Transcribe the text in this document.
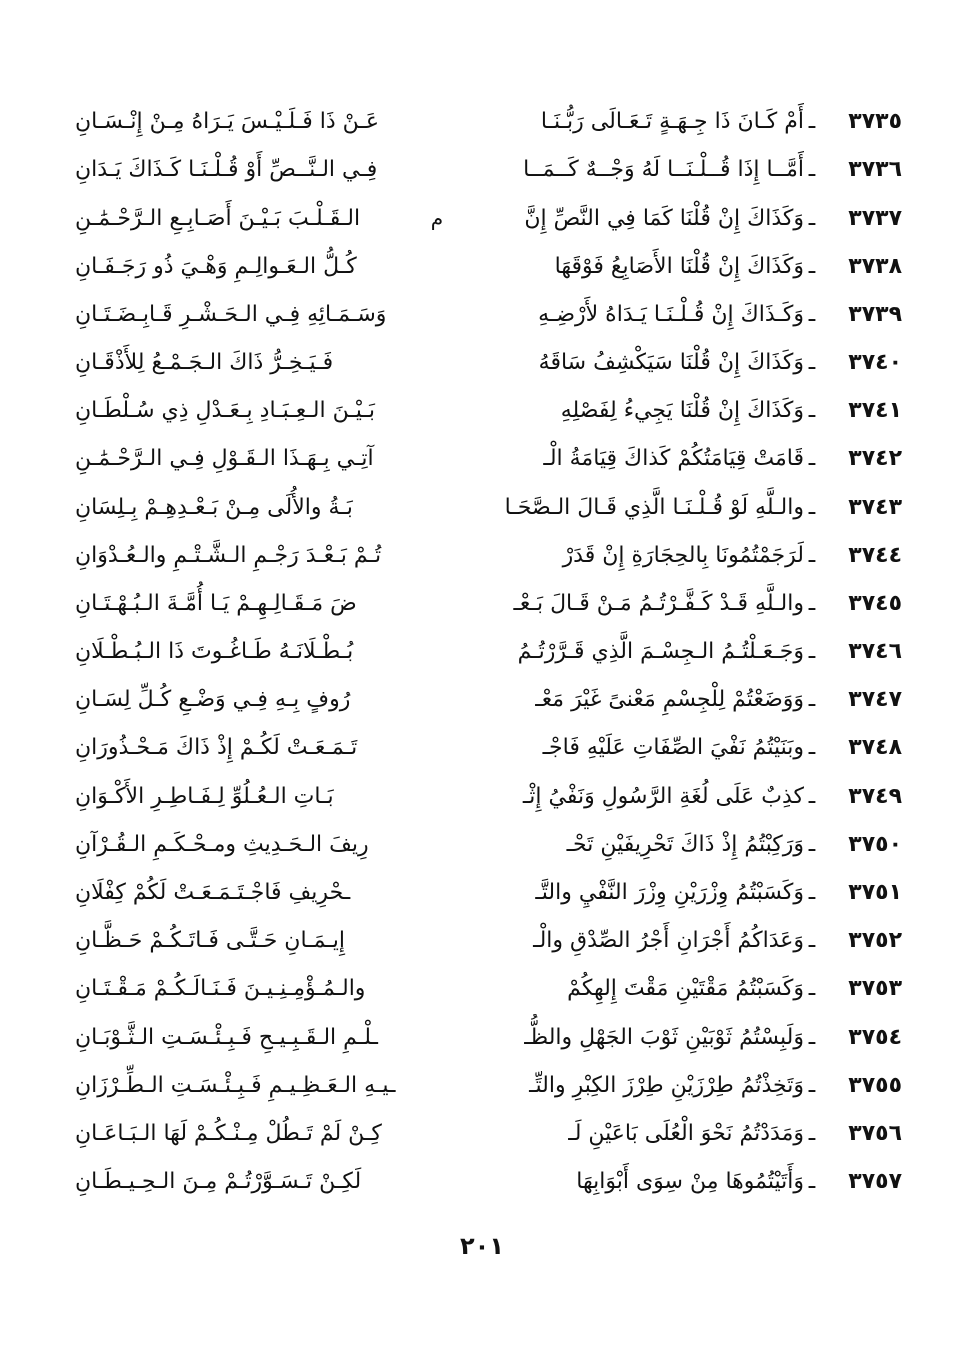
٣٧٣٥
ـ
أَمْ كَـانَ ذَا جِـهَـةٍ تَـعَـالَى رَبُّـنَـا
عَـنْ ذَا فَـلَـيْـسَ يَـرَاهُ مِـنْ إِنْـسَـانِ
٣٧٣٦
ـ
أَمَّــا إِذَا قُــلْـنَــا لَهُ وَجْــهٌ كَــمَــا
فِـي الـنَّــصِّ أَوْ قُـلْـنَـا كَـذَاكَ يَـدَانِ
٣٧٣٧
ـ
وَكَذَاكَ إِنْ قُلْنَا كَمَا فِي النَّصِّ إِنَّ
م
الـقَـلْـبَ بَـيْـنَ أَصَـابِـعِ الـرَّحْـمَٰـنِ
٣٧٣٨
ـ
وَكَذَاكَ إِنْ قُلْنَا الأَصَابِعُ فَوْقَهَا
كُـلُّ الـعَـوالِـمِ وَهْـيَ ذُو رَجَـفَـانِ
٣٧٣٩
ـ
وَكَـذَاكَ إِنْ قُـلْـنَـا يَـدَاهُ لأَرْضِـهِ
وَسَـمَـائِهِ فِـي الـحَـشْـرِ قَـابِـضَـتَـانِ
٣٧٤٠
ـ
وَكَذَاكَ إِنْ قُلْنَا سَيَكْشِفُ سَاقَهُ
فَـيَـخِـرُّ ذَاكَ الـجَـمْـعُ لِلأَذْقَـانِ
٣٧٤١
ـ
وَكَذَاكَ إِنْ قُلْنَا يَجِيءُ لِفَصْلِهِ
بَـيْـنَ الـعِـبَـادِ بِـعَـدْلِ ذِي سُـلْطَـانِ
٣٧٤٢
ـ
قَامَتْ قِيَامَتُكُمْ كَذاكَ قِيَامَةُ الْـ
آتِـي بِـهَـذَا الـقَـوْلِ فِـي الـرَّحْـمَٰـنِ
٣٧٤٣
ـ
والـلَّهِ لَوْ قُـلْـنَـا الَّذِي قَـالَ الـصَّحَـا
بَـةُ والأُلَى مِـنْ بَـعْـدِهِـمْ بِـلِسَانِ
٣٧٤٤
ـ
لَرَجَمْتُمُونَا بِالحِجَارَةِ إِنْ قَدَرْ
تُـمْ بَـعْـدَ رَجْـمِ الـشَّـتْـمِ والـعُـدْوَانِ
٣٧٤٥
ـ
والـلَّهِ قَـدْ كَـفَّـرْتُـمُ مَـنْ قَـالَ بَـعْـ
ضَ مَـقَـالِـهِـمْ يَـا أُمَّـةَ الـبُـهْـتَـانِ
٣٧٤٦
ـ
وَجَـعَـلْتُـمُ الـجِسْـمَ الَّذِي قَـرَّرْتُـمُ
بُـطْـلَانَـهُ طَـاغُـوتَ ذَا الـبُـطْـلَانِ
٣٧٤٧
ـ
وَوَضَعْتُمْ لِلْجِسْمِ مَعْنىً غَيْرَ مَعْـ
رُوفٍ بِـهِ فِـي وَضْـعِ كُـلِّ لِسَـانِ
٣٧٤٨
ـ
وبَنَيْتُمُ نَفْيَ الصِّفَاتِ عَلَيْهِ فَاجْـ
تَـمَـعَـتْ لَكُـمْ إِذْ ذَاكَ مَـحْـذُورَانِ
٣٧٤٩
ـ
كذِبٌ عَلَى لُغَةِ الرَّسُولِ وَنَفْيُ إِثْـ
بَـاتِ الـعُـلُوِّ لِـفَـاطِـرِ الأَكْـوَانِ
٣٧٥٠
ـ
وَرَكِبْتُمُ إِذْ ذَاكَ تَحْرِيفَيْنِ تَحْـ
رِيفَ الـحَـدِيثِ ومـحْـكَـمِ الـقُـرْآنِ
٣٧٥١
ـ
وَكَسَبْتُمُ وِزْرَيْنِ وِزْرَ النَّفْيِ والتَّـ
ـحْرِيفِ فَاجْـتَـمَـعَـتْ لَكُمْ كِفْلَانِ
٣٧٥٢
ـ
وَعَدَاكُمُ أَجْرَانِ أَجْرُ الصِّدْقِ والْـ
إِيـمَـانِ حَـتَّـى فَـاتَـكُـمْ حَـظَّـانِ
٣٧٥٣
ـ
وَكَسَبْتُمُ مَقْتَيْنِ مَقْتَ إِلهِكُمْ
والـمُـؤْمِـنِـيـنَ فَـنَـالَـكُـمْ مَـقْـتَـانِ
٣٧٥٤
ـ
وَلَبِسْتُمُ ثَوْبَيْنِ ثَوْبَ الجَهْلِ والظُّـ
ـلْـمِ الـقَـبِـيـحِ فَـبِـئْـسَـتِ الـثَّـوْبَـانِ
٣٧٥٥
ـ
وَتَخِذْتُمُ طِرْزَيْنِ طِرْزَ الكِبْرِ والتِّـ
ـيـهِ الـعَـظِـيـمِ فَـبِـئْـسَـتِ الـطِّـرْزَانِ
٣٧٥٦
ـ
وَمَدَدْتُمُ نَحْوَ الْعُلَى بَاعَيْنِ لَـ
كِـنْ لَمْ تَـطُلْ مِـنْـكُـمْ لَهَا الـبَـاعَـانِ
٣٧٥٧
ـ
وَأَتَيْتُمُوهَا مِنْ سِوَى أَبْوَابِهَا
لَكِـنْ تَـسَـوَّرْتُـمْ مِـنَ الـحِـيـطَـانِ
٢٠١
